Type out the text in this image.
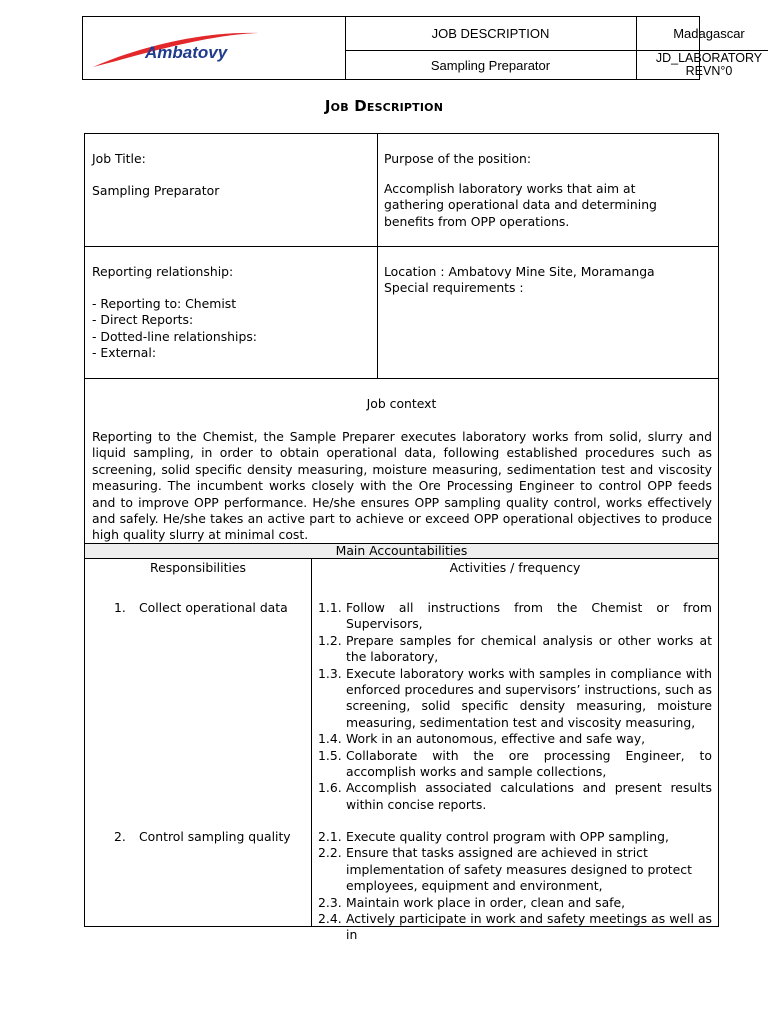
Ambatovy
JOB DESCRIPTION
Sampling Preparator
Madagascar
JD_LABORATORY
REVN°0
Job Description
Job Title:
Sampling Preparator
Purpose of the position:
Accomplish laboratory works that aim at gathering operational data and determining benefits from OPP operations.
Reporting relationship:
- Reporting to: Chemist
- Direct Reports:
- Dotted-line relationships:
- External:
Location : Ambatovy Mine Site, Moramanga
Special requirements :
Job context
Reporting to the Chemist, the Sample Preparer executes laboratory works from solid, slurry and liquid sampling, in order to obtain operational data, following established procedures such as screening, solid specific density measuring, moisture measuring, sedimentation test and viscosity measuring. The incumbent works closely with the Ore Processing Engineer to control OPP feeds and to improve OPP performance. He/she ensures OPP sampling quality control, works effectively and safely. He/she takes an active part to achieve or exceed OPP operational objectives to produce high quality slurry at minimal cost.
Main Accountabilities
Responsibilities
1. Collect operational data
2. Control sampling quality
Activities / frequency
1.1. Follow all instructions from the Chemist or from Supervisors,
1.2. Prepare samples for chemical analysis or other works at the laboratory,
1.3. Execute laboratory works with samples in compliance with enforced procedures and supervisors’ instructions, such as screening, solid specific density measuring, moisture measuring, sedimentation test and viscosity measuring,
1.4. Work in an autonomous, effective and safe way,
1.5. Collaborate with the ore processing Engineer, to accomplish works and sample collections,
1.6. Accomplish associated calculations and present results within concise reports.
2.1. Execute quality control program with OPP sampling,
2.2. Ensure that tasks assigned are achieved in strict implementation of safety measures designed to protect employees, equipment and environment,
2.3. Maintain work place in order, clean and safe,
2.4. Actively participate in work and safety meetings as well as in
